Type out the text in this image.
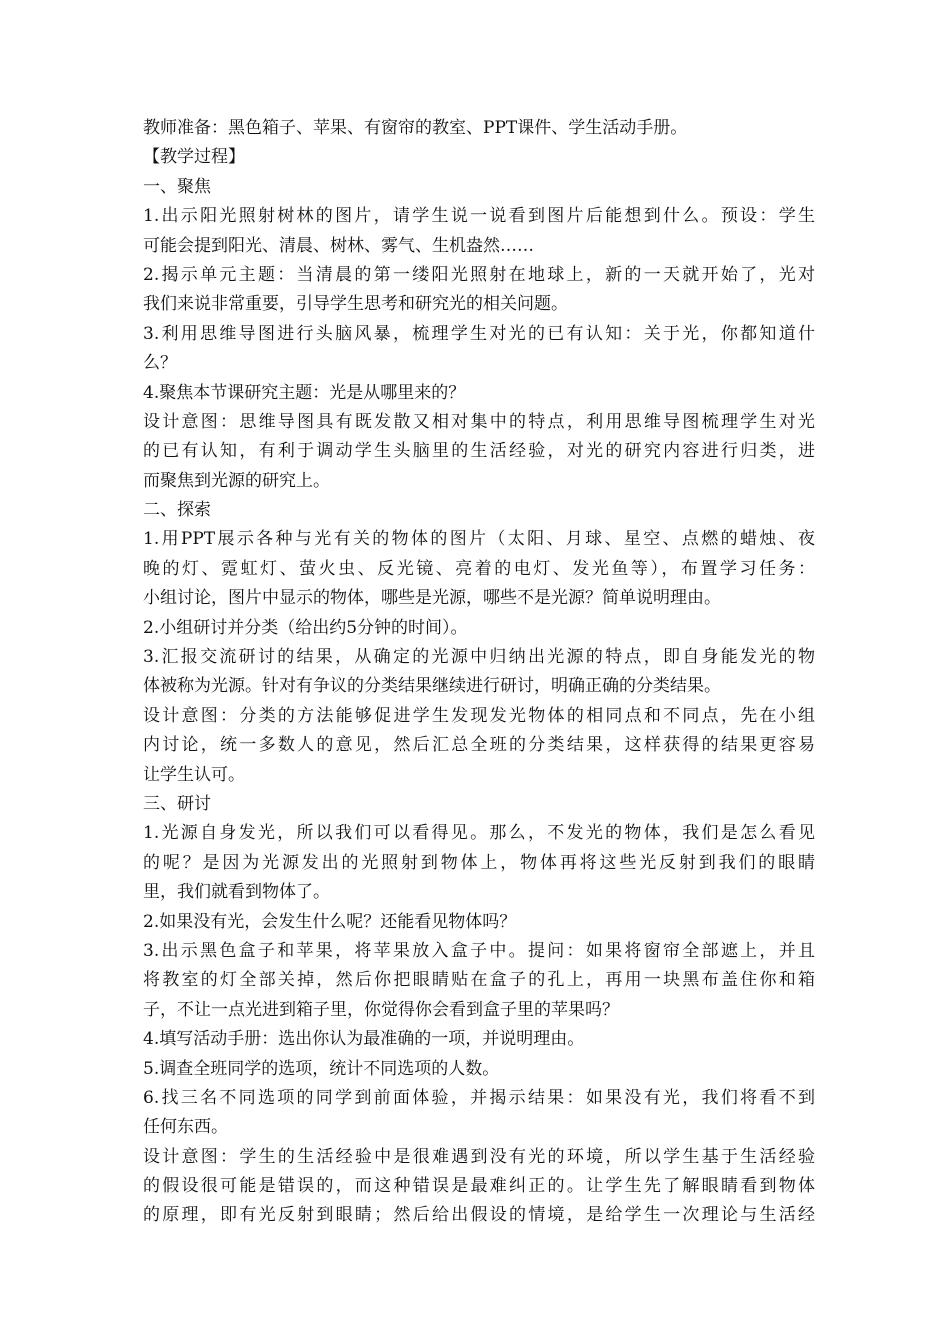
教师准备：黑色箱子、苹果、有窗帘的教室、PPT课件、学生活动手册。
【教学过程】
一、聚焦
1.出示阳光照射树林的图片，请学生说一说看到图片后能想到什么。预设：学生
可能会提到阳光、清晨、树林、雾气、生机盎然……
2.揭示单元主题：当清晨的第一缕阳光照射在地球上，新的一天就开始了，光对
我们来说非常重要，引导学生思考和研究光的相关问题。
3.利用思维导图进行头脑风暴，梳理学生对光的已有认知：关于光，你都知道什
么？
4.聚焦本节课研究主题：光是从哪里来的？
设计意图：思维导图具有既发散又相对集中的特点，利用思维导图梳理学生对光
的已有认知，有利于调动学生头脑里的生活经验，对光的研究内容进行归类，进
而聚焦到光源的研究上。
二、探索
1.用PPT展示各种与光有关的物体的图片（太阳、月球、星空、点燃的蜡烛、夜
晚的灯、霓虹灯、萤火虫、反光镜、亮着的电灯、发光鱼等），布置学习任务：
小组讨论，图片中显示的物体，哪些是光源，哪些不是光源？简单说明理由。
2.小组研讨并分类（给出约5分钟的时间）。
3.汇报交流研讨的结果，从确定的光源中归纳出光源的特点，即自身能发光的物
体被称为光源。针对有争议的分类结果继续进行研讨，明确正确的分类结果。
设计意图：分类的方法能够促进学生发现发光物体的相同点和不同点，先在小组
内讨论，统一多数人的意见，然后汇总全班的分类结果，这样获得的结果更容易
让学生认可。
三、研讨
1.光源自身发光，所以我们可以看得见。那么，不发光的物体，我们是怎么看见
的呢？是因为光源发出的光照射到物体上，物体再将这些光反射到我们的眼睛
里，我们就看到物体了。
2.如果没有光，会发生什么呢？还能看见物体吗？
3.出示黑色盒子和苹果，将苹果放入盒子中。提问：如果将窗帘全部遮上，并且
将教室的灯全部关掉，然后你把眼睛贴在盒子的孔上，再用一块黑布盖住你和箱
子，不让一点光进到箱子里，你觉得你会看到盒子里的苹果吗？
4.填写活动手册：选出你认为最准确的一项，并说明理由。
5.调查全班同学的选项，统计不同选项的人数。
6.找三名不同选项的同学到前面体验，并揭示结果：如果没有光，我们将看不到
任何东西。
设计意图：学生的生活经验中是很难遇到没有光的环境，所以学生基于生活经验
的假设很可能是错误的，而这种错误是最难纠正的。让学生先了解眼睛看到物体
的原理，即有光反射到眼睛；然后给出假设的情境，是给学生一次理论与生活经
